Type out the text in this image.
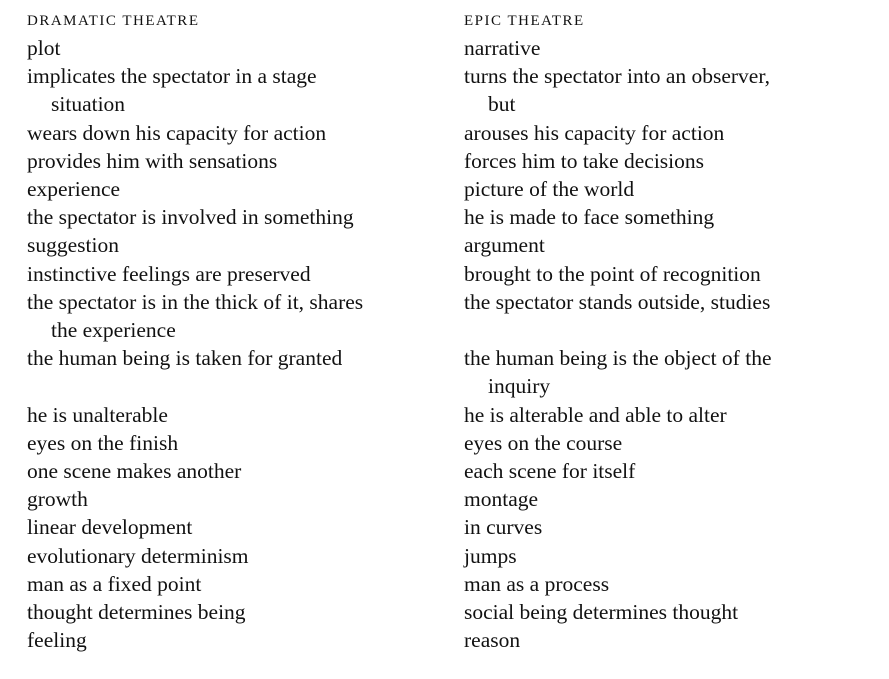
DRAMATIC THEATRE
plot
implicates the spectator in a stage
situation
wears down his capacity for action
provides him with sensations
experience
the spectator is involved in something
suggestion
instinctive feelings are preserved
the spectator is in the thick of it, shares
the experience
the human being is taken for granted

he is unalterable
eyes on the finish
one scene makes another
growth
linear development
evolutionary determinism
man as a fixed point
thought determines being
feeling
EPIC THEATRE
narrative
turns the spectator into an observer,
but
arouses his capacity for action
forces him to take decisions
picture of the world
he is made to face something
argument
brought to the point of recognition
the spectator stands outside, studies

the human being is the object of the
inquiry
he is alterable and able to alter
eyes on the course
each scene for itself
montage
in curves
jumps
man as a process
social being determines thought
reason
